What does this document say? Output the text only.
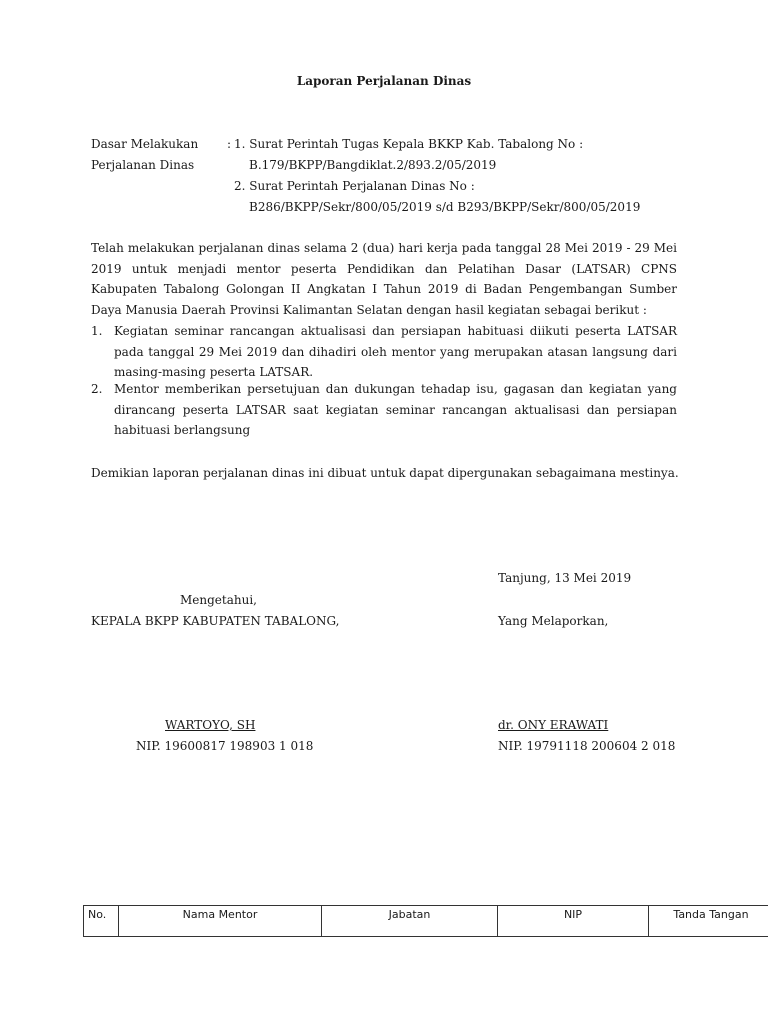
Laporan Perjalanan Dinas
Dasar Melakukan
Perjalanan Dinas
: 1. Surat Perintah Tugas Kepala BKKP Kab. Tabalong No :
B.179/BKPP/Bangdiklat.2/893.2/05/2019
2. Surat Perintah Perjalanan Dinas No :
B286/BKPP/Sekr/800/05/2019 s/d B293/BKPP/Sekr/800/05/2019
Telah melakukan perjalanan dinas selama 2 (dua) hari kerja pada tanggal 28 Mei 2019 - 29 Mei 2019 untuk menjadi mentor peserta Pendidikan dan Pelatihan Dasar (LATSAR) CPNS Kabupaten Tabalong Golongan II Angkatan I Tahun 2019 di Badan Pengembangan Sumber Daya Manusia Daerah Provinsi Kalimantan Selatan dengan hasil kegiatan sebagai berikut :
1. Kegiatan seminar rancangan aktualisasi dan persiapan habituasi diikuti peserta LATSAR pada tanggal 29 Mei 2019 dan dihadiri oleh mentor yang merupakan atasan langsung dari masing-masing peserta LATSAR.
2. Mentor memberikan persetujuan dan dukungan tehadap isu, gagasan dan kegiatan yang dirancang peserta LATSAR saat kegiatan seminar rancangan aktualisasi dan persiapan habituasi berlangsung
Demikian laporan perjalanan dinas ini dibuat untuk dapat dipergunakan sebagaimana mestinya.
Tanjung, 13 Mei 2019
Mengetahui,
KEPALA BKPP KABUPATEN TABALONG,	Yang Melaporkan,
WARTOYO, SH
NIP. 19600817 198903 1 018
dr. ONY ERAWATI
NIP. 19791118 200604 2 018
No.	Nama Mentor	Jabatan	NIP	Tanda Tangan
